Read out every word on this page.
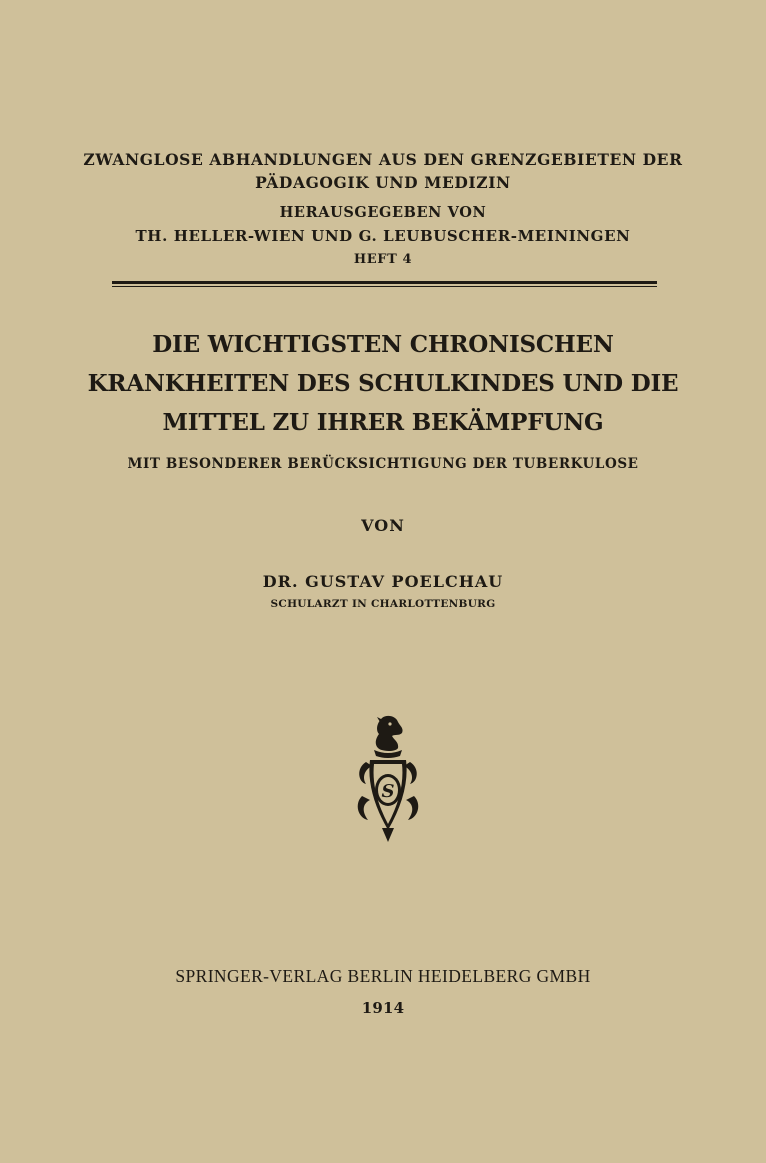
ZWANGLOSE ABHANDLUNGEN AUS DEN GRENZGEBIETEN DER
PÄDAGOGIK UND MEDIZIN
HERAUSGEGEBEN VON
TH. HELLER-WIEN UND G. LEUBUSCHER-MEININGEN
HEFT 4
DIE WICHTIGSTEN CHRONISCHEN
KRANKHEITEN DES SCHULKINDES UND DIE
MITTEL ZU IHRER BEKÄMPFUNG
MIT BESONDERER BERÜCKSICHTIGUNG DER TUBERKULOSE
VON
DR. GUSTAV POELCHAU
SCHULARZT IN CHARLOTTENBURG
S
SPRINGER-VERLAG BERLIN HEIDELBERG GMBH
1914
